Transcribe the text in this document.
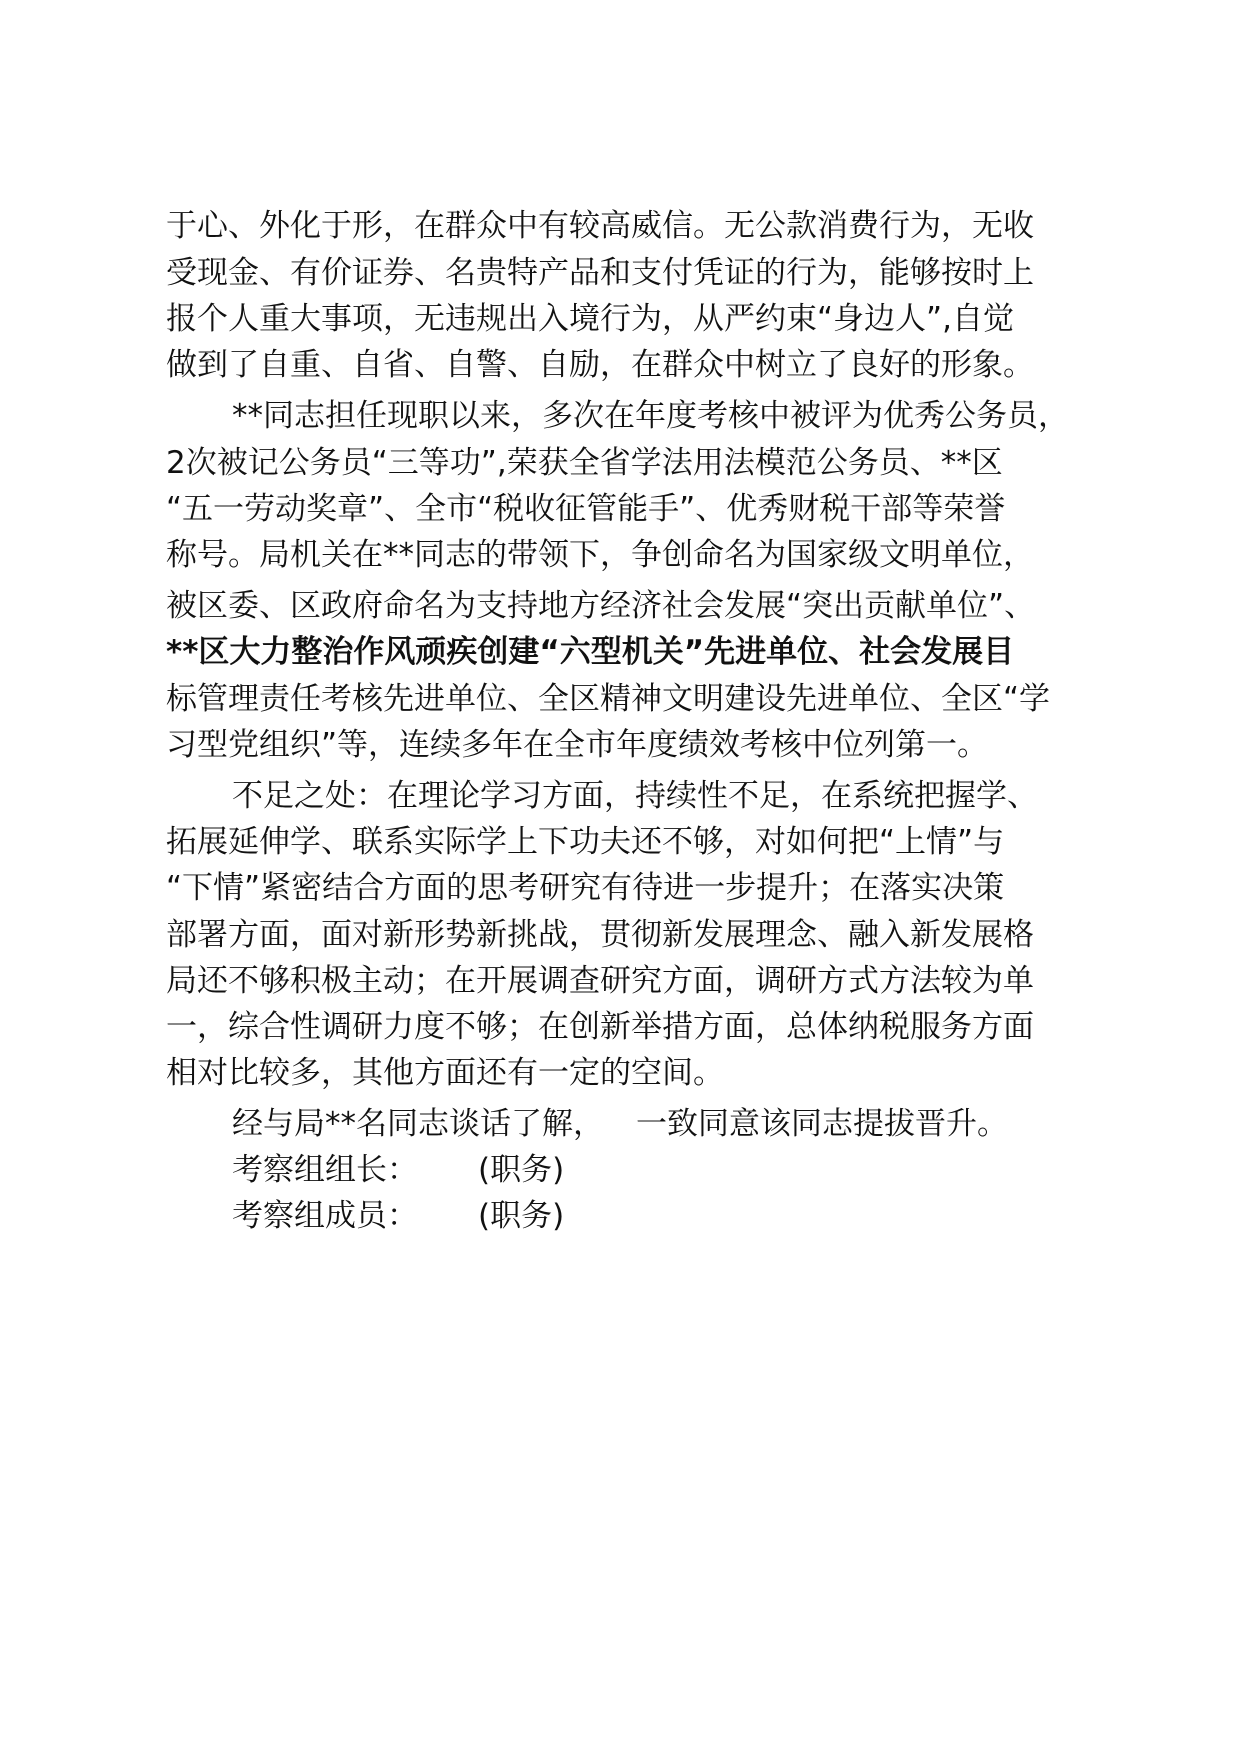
于心、外化于形，在群众中有较高威信。无公款消费行为，无收
受现金、有价证券、名贵特产品和支付凭证的行为，能够按时上
报个人重大事项，无违规出入境行为，从严约束“身边人”,自觉
做到了自重、自省、自警、自励，在群众中树立了良好的形象。
**同志担任现职以来，多次在年度考核中被评为优秀公务员，
2次被记公务员“三等功”,荣获全省学法用法模范公务员、**区
“五一劳动奖章”、全市“税收征管能手”、优秀财税干部等荣誉
称号。局机关在**同志的带领下，争创命名为国家级文明单位，
被区委、区政府命名为支持地方经济社会发展“突出贡献单位”、
**区大力整治作风顽疾创建“六型机关”先进单位、社会发展目
标管理责任考核先进单位、全区精神文明建设先进单位、全区“学
习型党组织”等，连续多年在全市年度绩效考核中位列第一。
不足之处：在理论学习方面，持续性不足，在系统把握学、
拓展延伸学、联系实际学上下功夫还不够，对如何把“上情”与
“下情”紧密结合方面的思考研究有待进一步提升；在落实决策
部署方面，面对新形势新挑战，贯彻新发展理念、融入新发展格
局还不够积极主动；在开展调查研究方面，调研方式方法较为单
一，综合性调研力度不够；在创新举措方面，总体纳税服务方面
相对比较多，其他方面还有一定的空间。
经与局**名同志谈话了解， 一致同意该同志提拔晋升。
考察组组长： (职务)
考察组成员： (职务)
